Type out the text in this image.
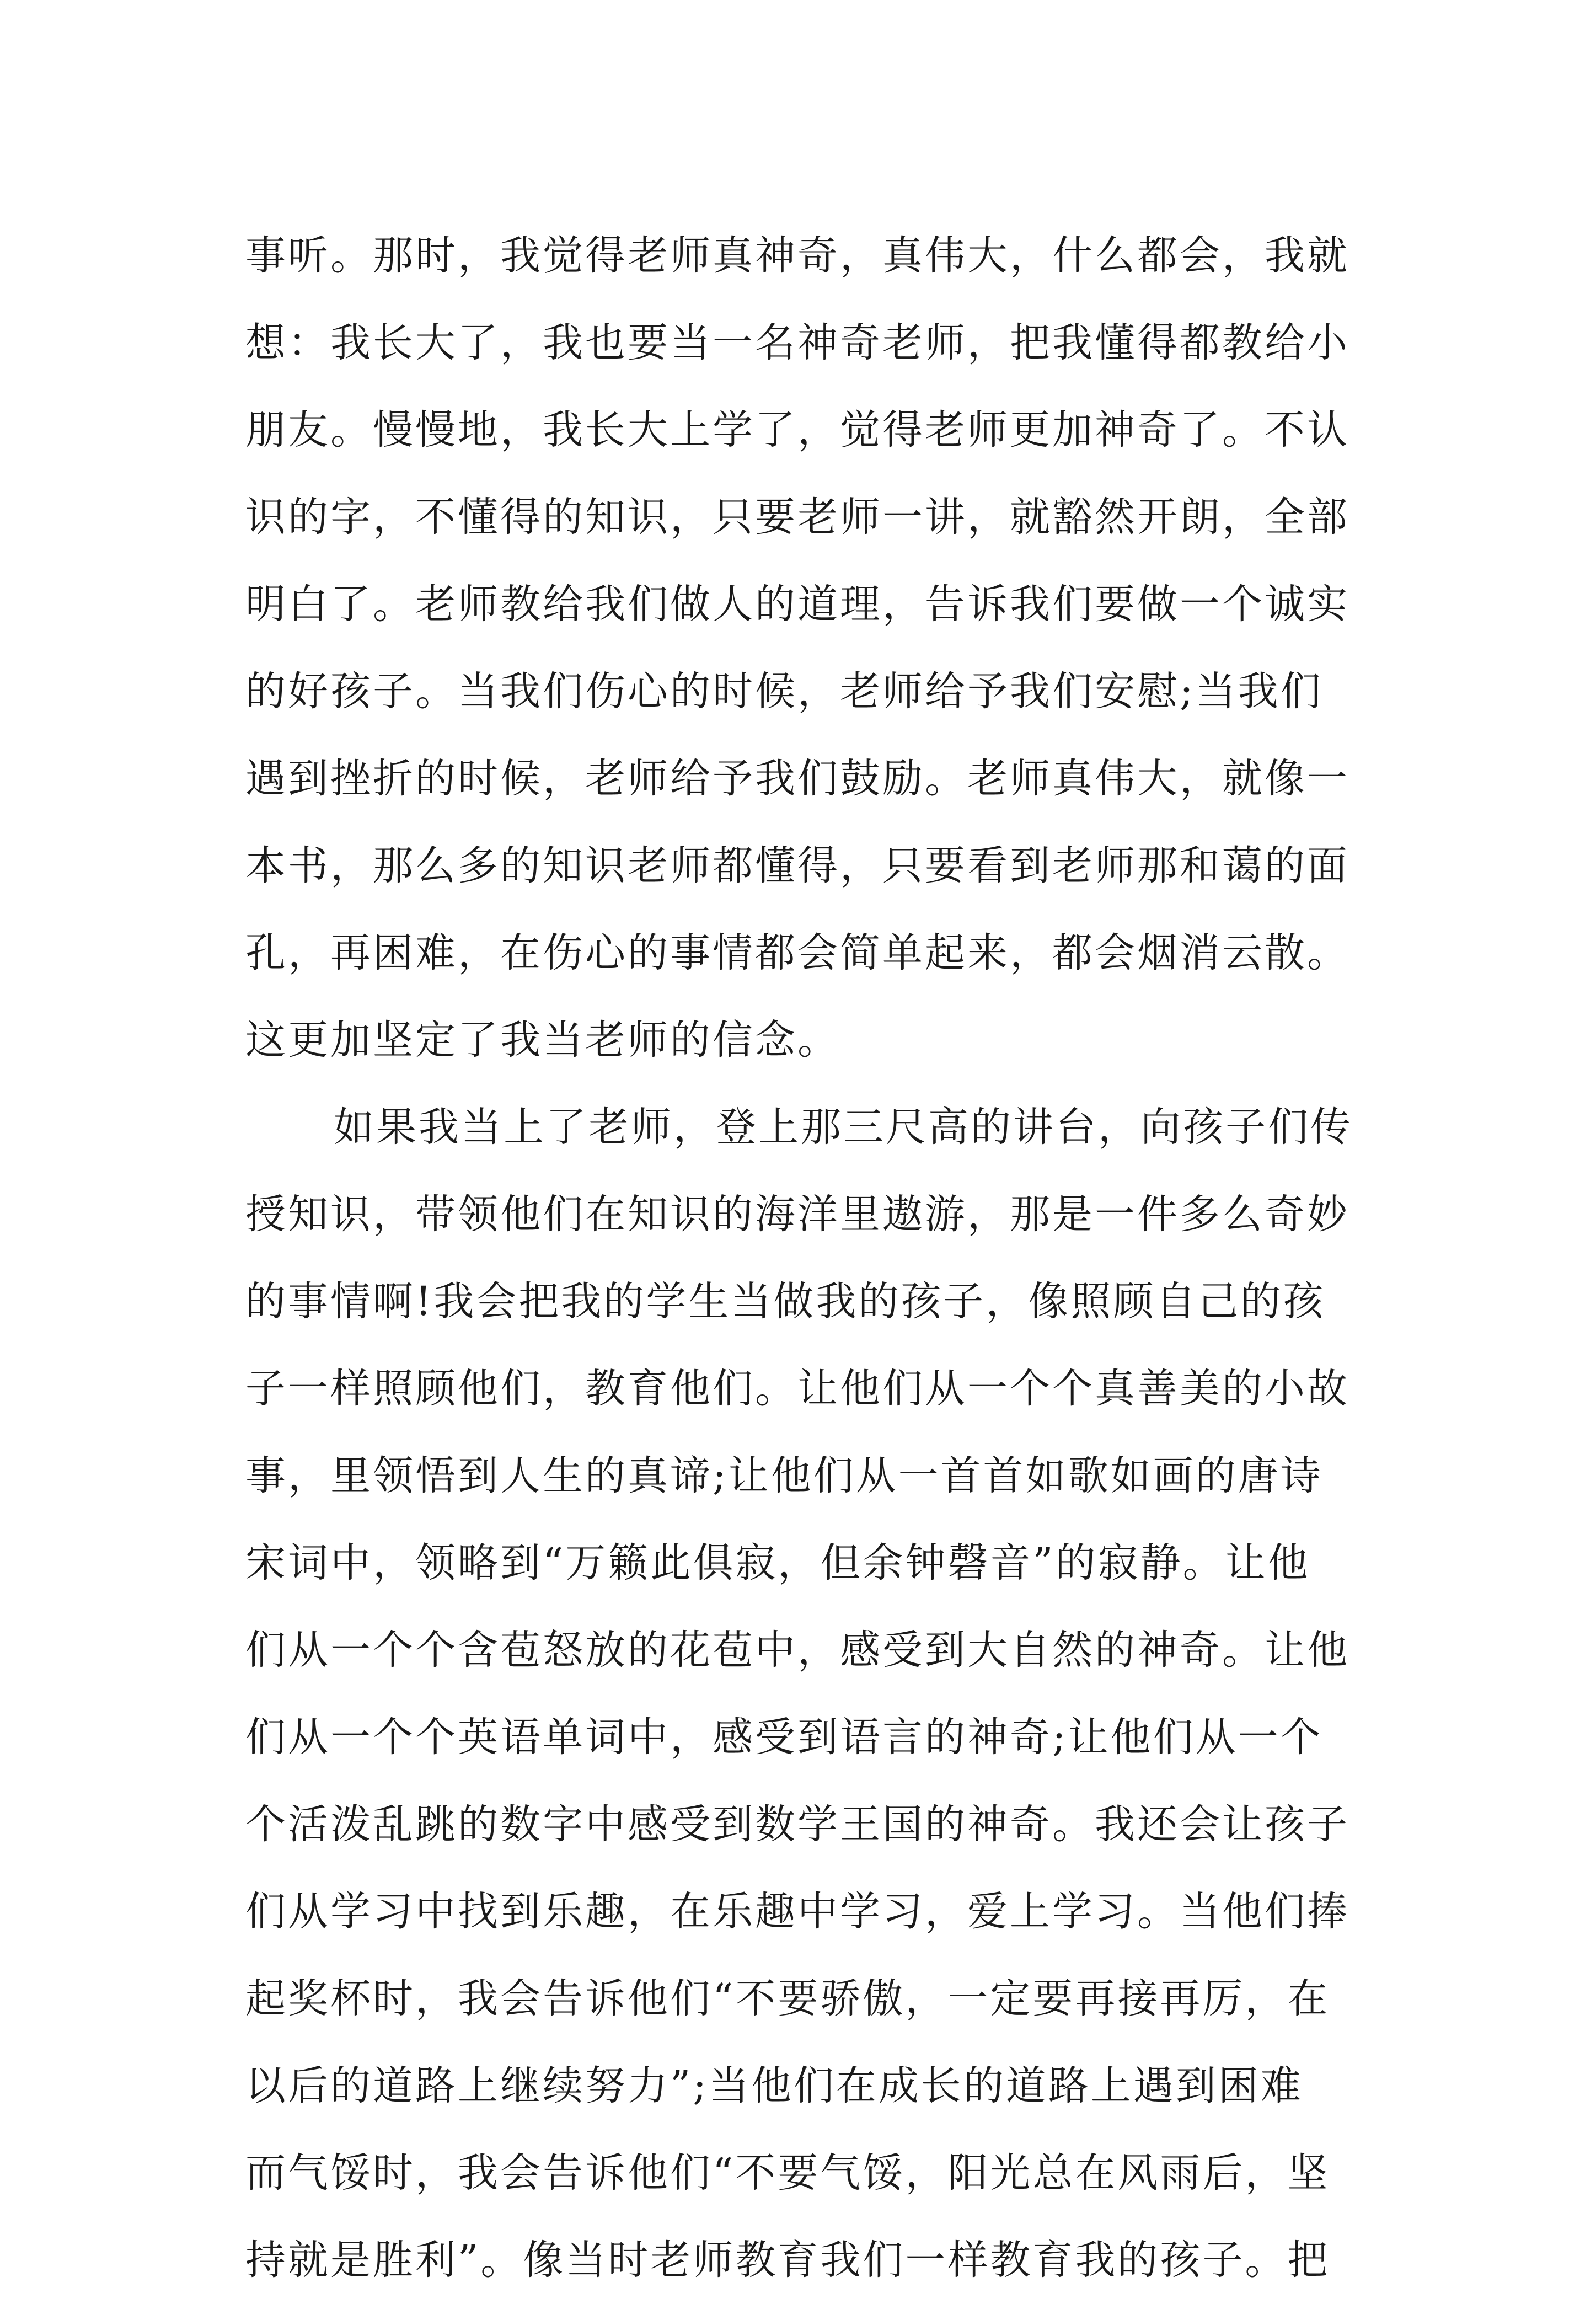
事听。那时，我觉得老师真神奇，真伟大，什么都会，我就
想：我长大了，我也要当一名神奇老师，把我懂得都教给小
朋友。慢慢地，我长大上学了，觉得老师更加神奇了。不认
识的字，不懂得的知识，只要老师一讲，就豁然开朗，全部
明白了。老师教给我们做人的道理，告诉我们要做一个诚实
的好孩子。当我们伤心的时候，老师给予我们安慰;当我们
遇到挫折的时候，老师给予我们鼓励。老师真伟大，就像一
本书，那么多的知识老师都懂得，只要看到老师那和蔼的面
孔，再困难，在伤心的事情都会简单起来，都会烟消云散。
这更加坚定了我当老师的信念。
如果我当上了老师，登上那三尺高的讲台，向孩子们传
授知识，带领他们在知识的海洋里遨游，那是一件多么奇妙
的事情啊!我会把我的学生当做我的孩子，像照顾自己的孩
子一样照顾他们，教育他们。让他们从一个个真善美的小故
事，里领悟到人生的真谛;让他们从一首首如歌如画的唐诗
宋词中，领略到“万籁此俱寂，但余钟磬音”的寂静。让他
们从一个个含苞怒放的花苞中，感受到大自然的神奇。让他
们从一个个英语单词中，感受到语言的神奇;让他们从一个
个活泼乱跳的数字中感受到数学王国的神奇。我还会让孩子
们从学习中找到乐趣，在乐趣中学习，爱上学习。当他们捧
起奖杯时，我会告诉他们“不要骄傲，一定要再接再厉，在
以后的道路上继续努力”;当他们在成长的道路上遇到困难
而气馁时，我会告诉他们“不要气馁，阳光总在风雨后，坚
持就是胜利”。像当时老师教育我们一样教育我的孩子。把
